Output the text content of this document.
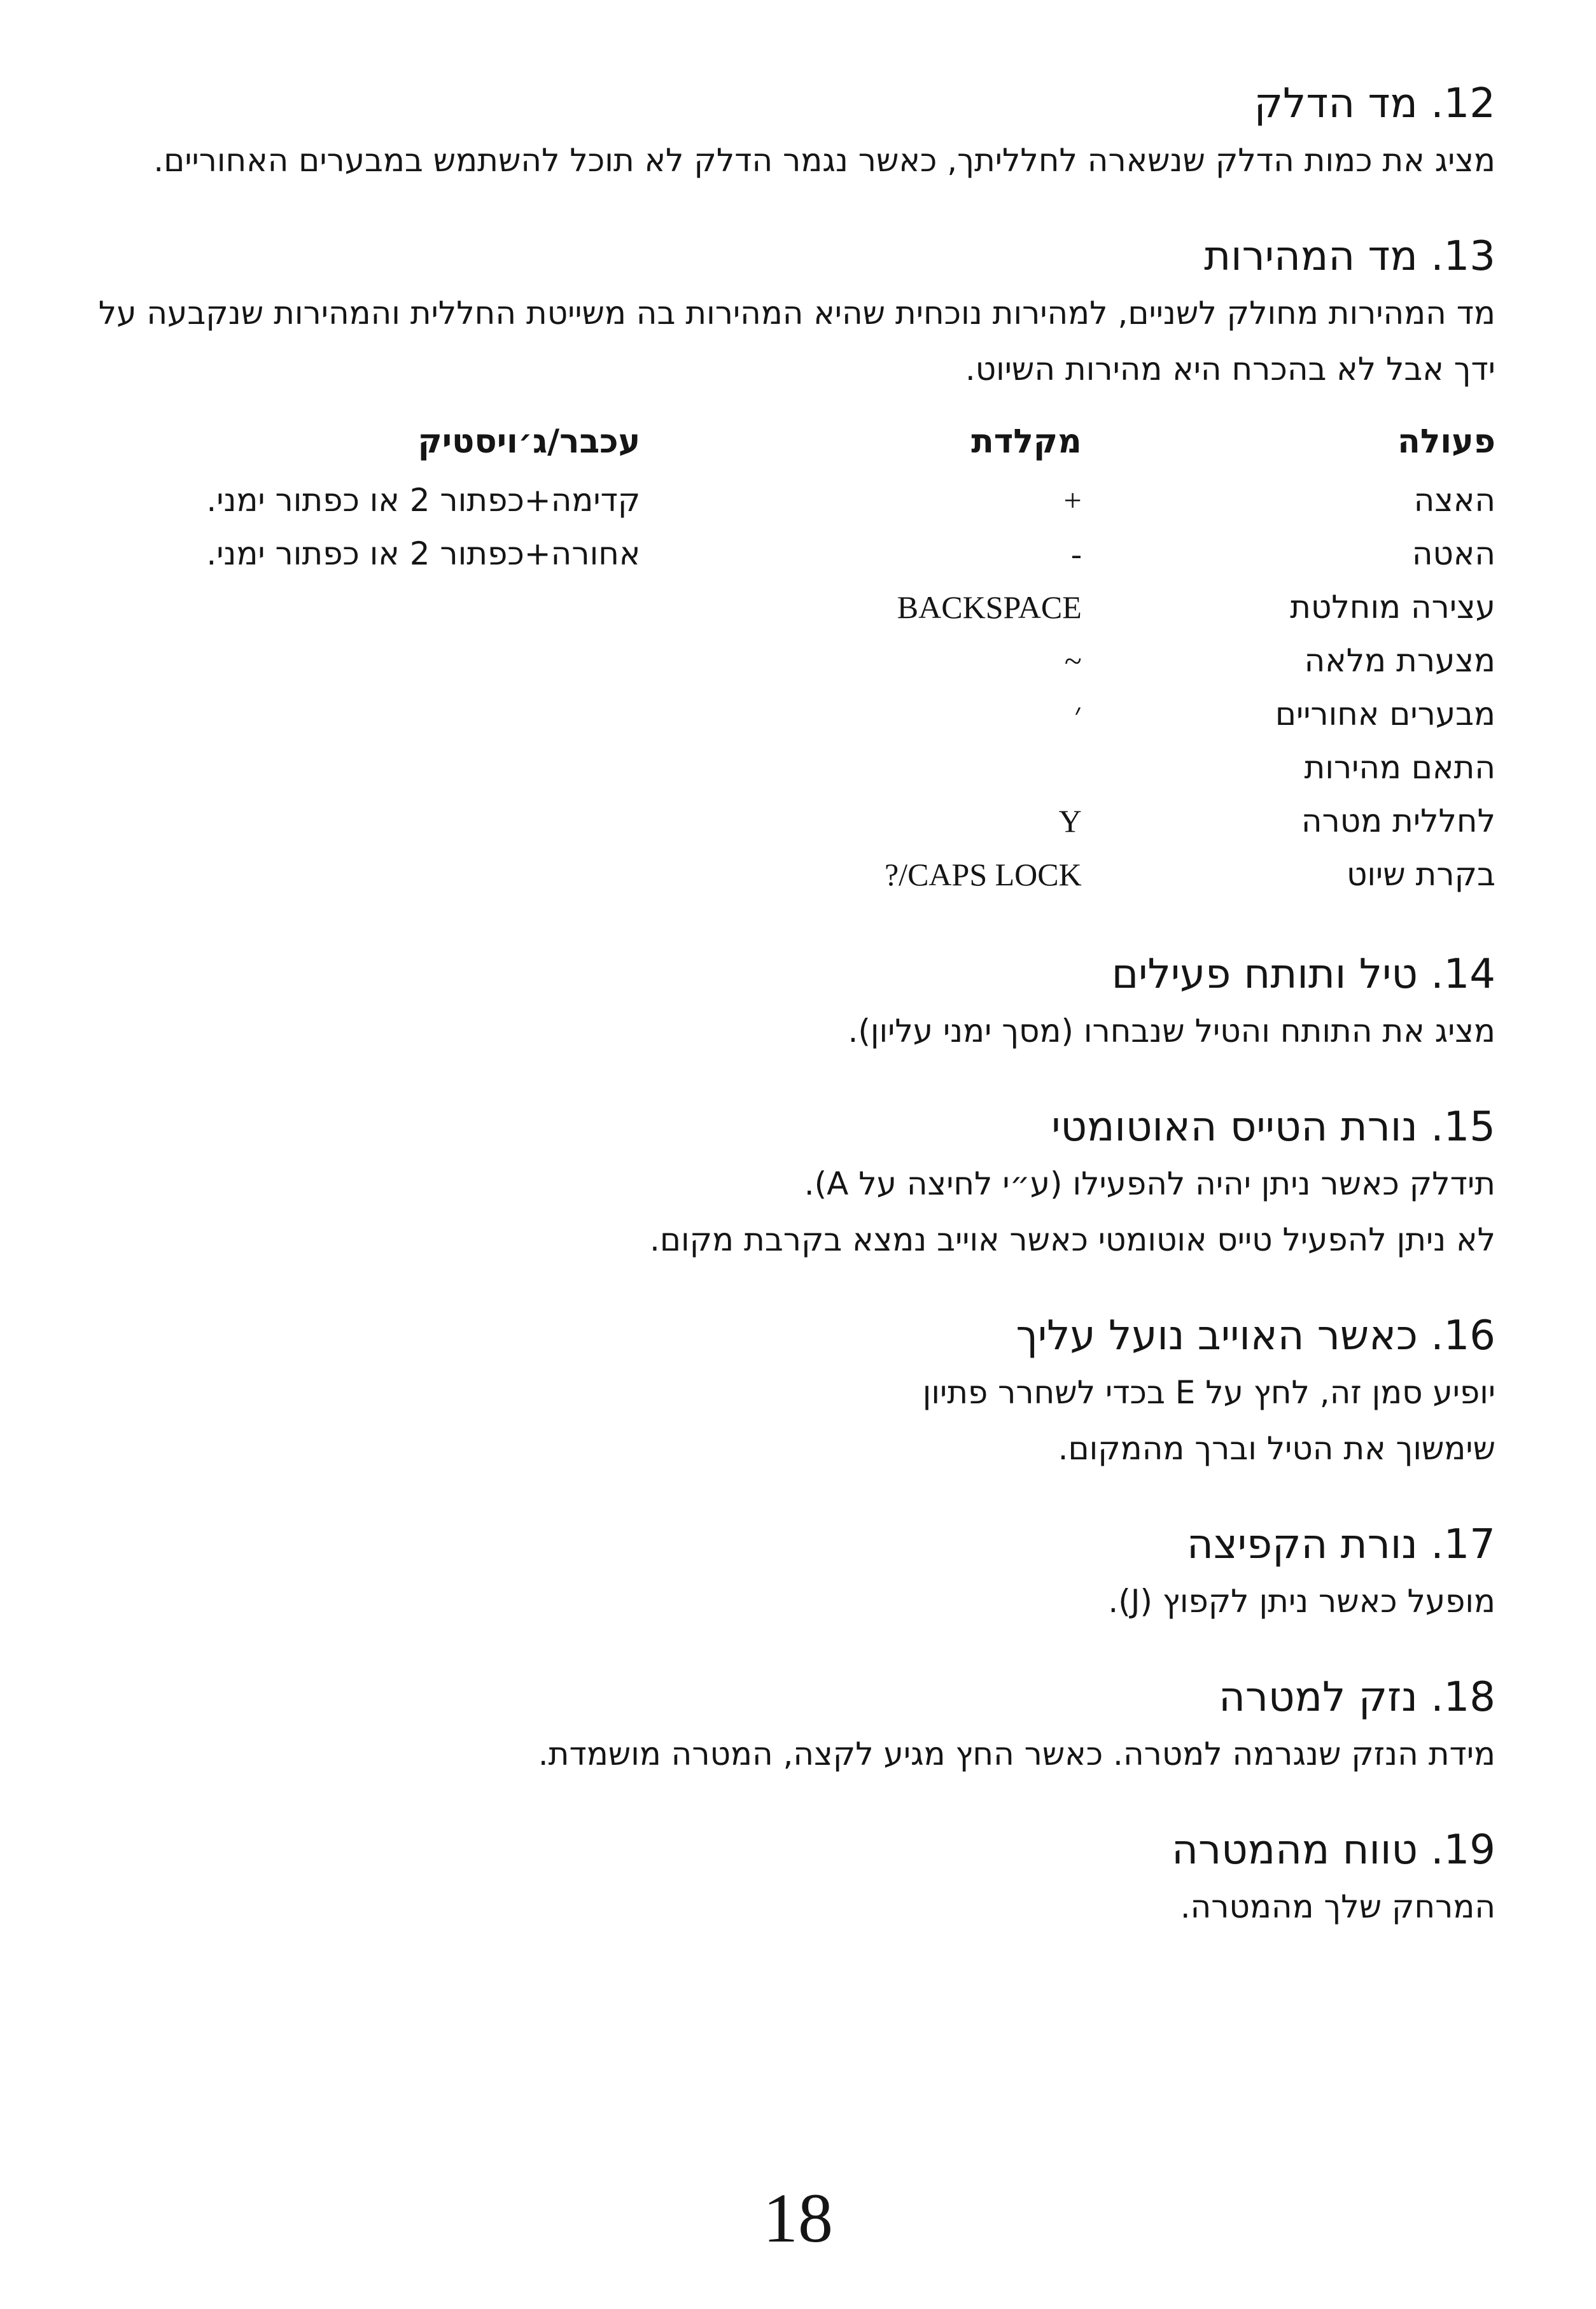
12. מד הדלק

מציג את כמות הדלק שנשארה לחלליתך, כאשר נגמר הדלק לא תוכל להשתמש במבערים האחוריים.

13. מד המהירות

מד המהירות מחולק לשניים, למהירות נוכחית שהיא המהירות בה משייטת החללית והמהירות שנקבעה על ידך אבל לא בהכרח היא מהירות השיוט.

פעולה	מקלדת	עכבר/ג׳ויסטיק
האצה	+	קדימה+כפתור 2 או כפתור ימני.
האטה	-	אחורה+כפתור 2 או כפתור ימני.
עצירה מוחלטת	BACKSPACE	
מצערת מלאה	~	
מבערים אחוריים	׳	
התאם מהירות		
לחללית מטרה	Y	
בקרת שיוט	CAPS LOCK/?	
14. טיל ותותח פעילים

מציג את התותח והטיל שנבחרו (מסך ימני עליון).

15. נורת הטייס האוטומטי

תידלק כאשר ניתן יהיה להפעילו (ע״י לחיצה על A).

לא ניתן להפעיל טייס אוטומטי כאשר אוייב נמצא בקרבת מקום.

16. כאשר האוייב נועל עליך

יופיע סמן זה, לחץ על E בכדי לשחרר פתיון

שימשוך את הטיל וברך מהמקום.

17. נורת הקפיצה

מופעל כאשר ניתן לקפוץ (J).

18. נזק למטרה

מידת הנזק שנגרמה למטרה. כאשר החץ מגיע לקצה, המטרה מושמדת.

19. טווח מהמטרה

המרחק שלך מהמטרה.

18
